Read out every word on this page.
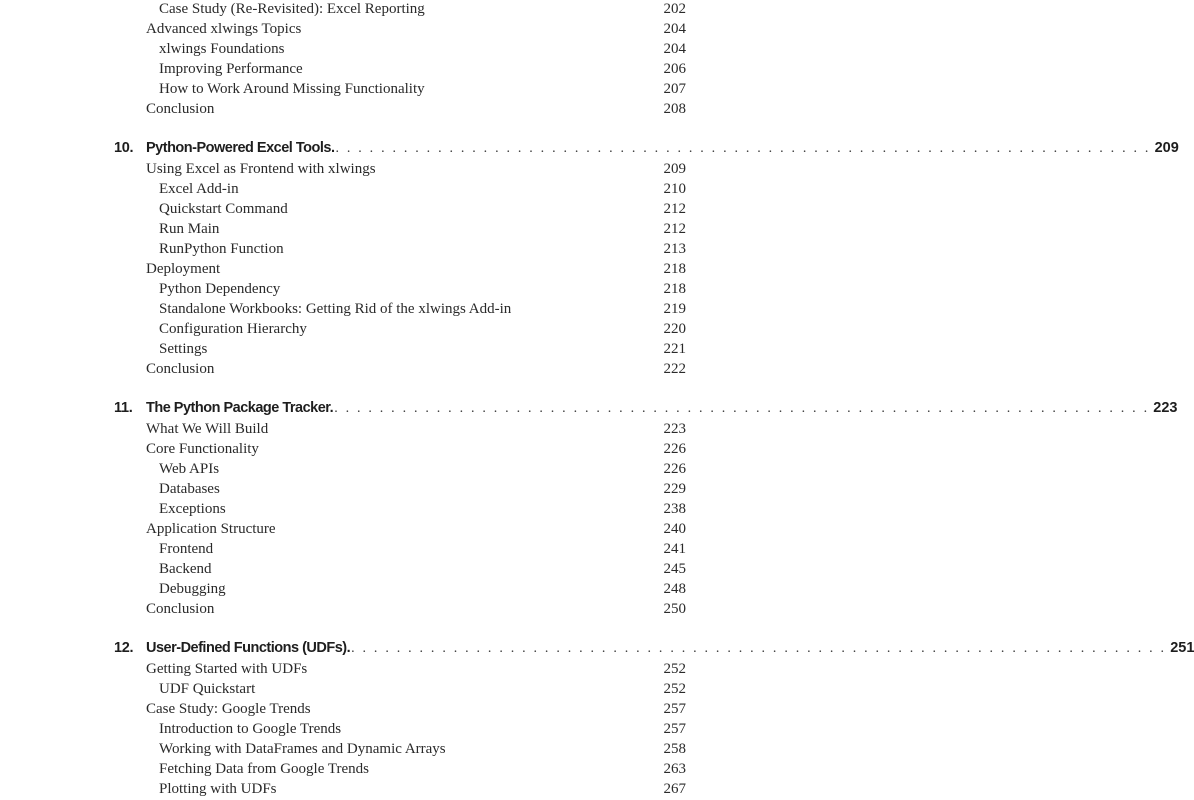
Case Study (Re-Revisited): Excel Reporting	202
Advanced xlwings Topics	204
xlwings Foundations	204
Improving Performance	206
How to Work Around Missing Functionality	207
Conclusion	208
10. Python-Powered Excel Tools. . . . . . . . . . . . . . . . . . . . . . . . . . . . . . . . . . . . . . . . . . . . . . . . . . . . . . . . . . . . . . . . . . . . . . . . . 209
Using Excel as Frontend with xlwings	209
Excel Add-in	210
Quickstart Command	212
Run Main	212
RunPython Function	213
Deployment	218
Python Dependency	218
Standalone Workbooks: Getting Rid of the xlwings Add-in	219
Configuration Hierarchy	220
Settings	221
Conclusion	222
11. The Python Package Tracker. . . . . . . . . . . . . . . . . . . . . . . . . . . . . . . . . . . . . . . . . . . . . . . . . . . . . . . . . . . . . . . . . . . . . . . . . 223
What We Will Build	223
Core Functionality	226
Web APIs	226
Databases	229
Exceptions	238
Application Structure	240
Frontend	241
Backend	245
Debugging	248
Conclusion	250
12. User-Defined Functions (UDFs). . . . . . . . . . . . . . . . . . . . . . . . . . . . . . . . . . . . . . . . . . . . . . . . . . . . . . . . . . . . . . . . . . . . . . . . . 251
Getting Started with UDFs	252
UDF Quickstart	252
Case Study: Google Trends	257
Introduction to Google Trends	257
Working with DataFrames and Dynamic Arrays	258
Fetching Data from Google Trends	263
Plotting with UDFs	267
